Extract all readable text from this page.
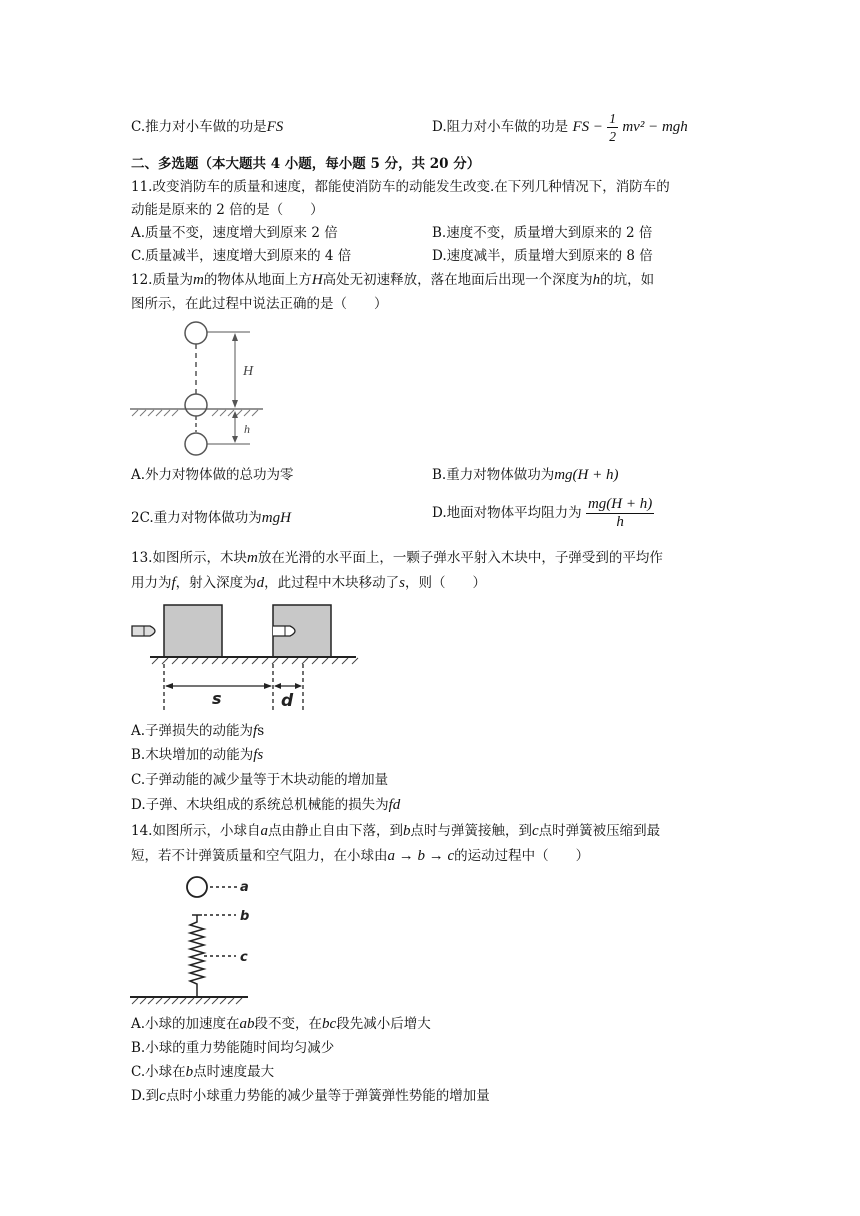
C.推力对小车做的功是FS	D.阻力对小车做的功是 FS − $\frac{1}{2} mv^2$ − mgh
二、多选题（本大题共 4 小题，每小题 5 分，共 20 分）
11.改变消防车的质量和速度，都能使消防车的动能发生改变.在下列几种情况下，消防车的
动能是原来的 2 倍的是（　　）
A.质量不变，速度增大到原来 2 倍	B.速度不变，质量增大到原来的 2 倍
C.质量减半，速度增大到原来的 4 倍	D.速度减半，质量增大到原来的 8 倍
12.质量为m的物体从地面上方H高处无初速释放，落在地面后出现一个深度为h的坑，如
图所示，在此过程中说法正确的是（　　）
H
h
A.外力对物体做的总功为零	B.重力对物体做功为mg(H + h)
2C.重力对物体做功为mgH	D.地面对物体平均阻力为 $\frac{mg(H + h)}{h}$
13.如图所示，木块m放在光滑的水平面上，一颗子弹水平射入木块中，子弹受到的平均作
用力为f，射入深度为d，此过程中木块移动了s，则（　　）
s	d
A.子弹损失的动能为fs
B.木块增加的动能为fs
C.子弹动能的减少量等于木块动能的增加量
D.子弹、木块组成的系统总机械能的损失为fd
14.如图所示，小球自a点由静止自由下落，到b点时与弹簧接触，到c点时弹簧被压缩到最
短，若不计弹簧质量和空气阻力，在小球由a → b → c的运动过程中（　　）
a
b
c
A.小球的加速度在ab段不变，在bc段先减小后增大
B.小球的重力势能随时间均匀减少
C.小球在b点时速度最大
D.到c点时小球重力势能的减少量等于弹簧弹性势能的增加量
